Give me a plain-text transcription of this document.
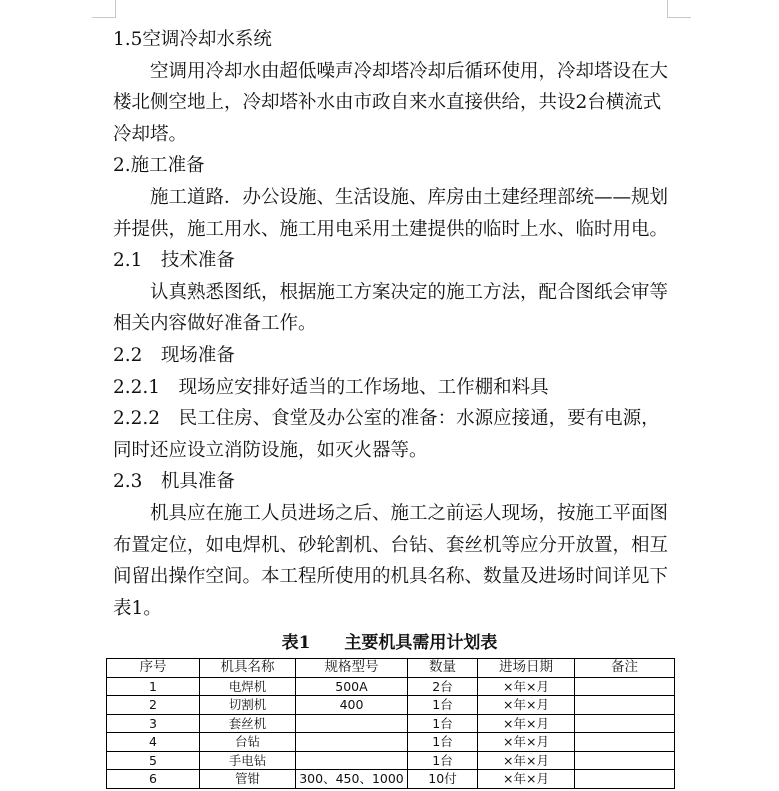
1.5空调冷却水系统
空调用冷却水由超低噪声冷却塔冷却后循环使用，冷却塔设在大
楼北侧空地上，冷却塔补水由市政自来水直接供给，共设2台横流式
冷却塔。
2.施工准备
施工道路．办公设施、生活设施、库房由土建经理部统——规划
并提供，施工用水、施工用电采用土建提供的临时上水、临时用电。
2.1　技术准备
认真熟悉图纸，根据施工方案决定的施工方法，配合图纸会审等
相关内容做好准备工作。
2.2　现场准备
2.2.1　现场应安排好适当的工作场地、工作棚和料具
2.2.2　民工住房、食堂及办公室的准备：水源应接通，要有电源，
同时还应设立消防设施，如灭火器等。
2.3　机具准备
机具应在施工人员进场之后、施工之前运人现场，按施工平面图
布置定位，如电焊机、砂轮割机、台钻、套丝机等应分开放置，相互
间留出操作空间。本工程所使用的机具名称、数量及进场时间详见下
表1。
表1 主要机具需用计划表
序号	机具名称	规格型号	数量	进场日期	备注
1	电焊机	500A	2台	×年×月	
2	切割机	400	1台	×年×月	
3	套丝机		1台	×年×月	
4	台钻		1台	×年×月	
5	手电钻		1台	×年×月	
6	管钳	300、450、1000	10付	×年×月	
